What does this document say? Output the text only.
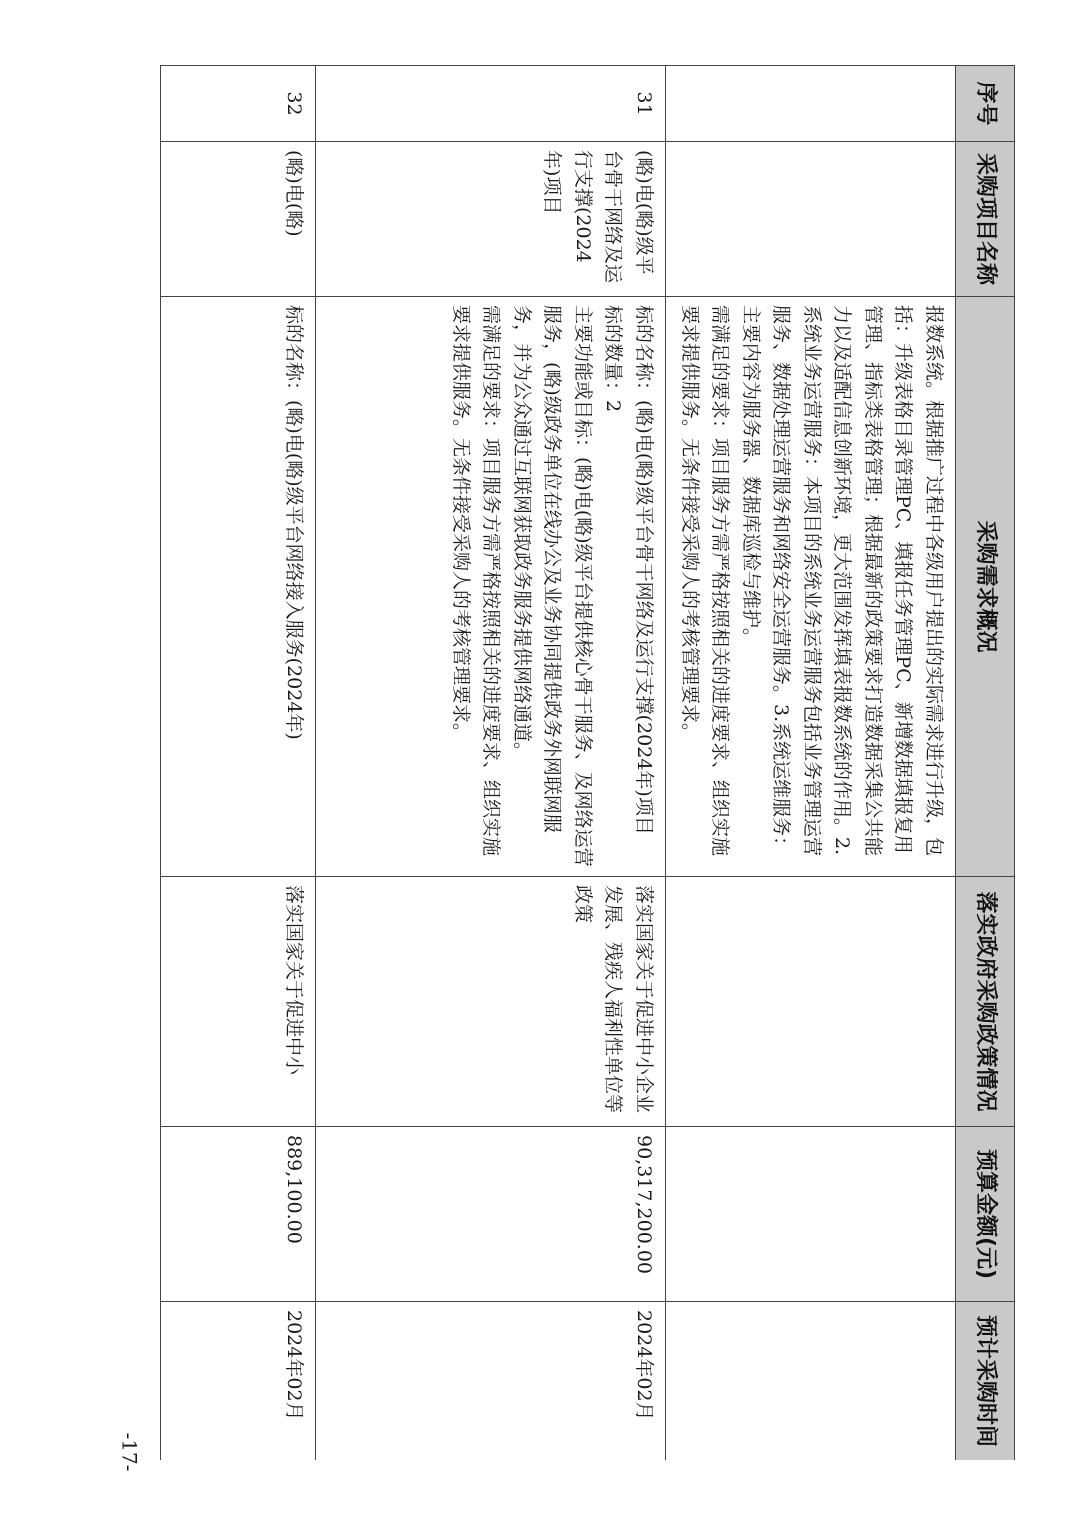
序号	采购项目名称	采购需求概况	落实政府采购政策情况	预算金额(元)	预计采购时间

		报数系统。根据推广过程中各级用户提出的实际需求进行升级，包括：升级表格目录管理PC、填报任务管理PC、新增数据填报复用管理、指标类表格管理；根据最新的政策要求打造数据采集公共能力以及适配信息创新环境，更大范围发挥填表报数系统的作用。2.系统业务运营服务：本项目的系统业务运营服务包括业务管理运营服务、数据处理运营服务和网络安全运营服务。3.系统运维服务：主要内容为服务器、数据库巡检与维护。
需满足的要求：项目服务方需严格按照相关的进度要求、组织实施要求提供服务。无条件接受采购人的考核管理要求。			

31	(略)电(略)级平台骨干网络及运行支撑(2024年)项目	标的名称：(略)电(略)级平台骨干网络及运行支撑(2024年)项目
标的数量：2
主要功能或目标：(略)电(略)级平台提供核心骨干服务、及网络运营服务，(略)级政务单位在线办公及业务协同提供政务外网联网服务，并为公众通过互联网获取政务服务提供网络通道。
需满足的要求：项目服务方需严格按照相关的进度要求、组织实施要求提供服务。无条件接受采购人的考核管理要求。	落实国家关于促进中小企业发展、残疾人福利性单位等政策	90,317,200.00	2024年02月
32	(略)电(略)	标的名称：(略)电(略)级平台网络接入服务(2024年)	落实国家关于促进中小	889,100.00	2024年02月
-17-
